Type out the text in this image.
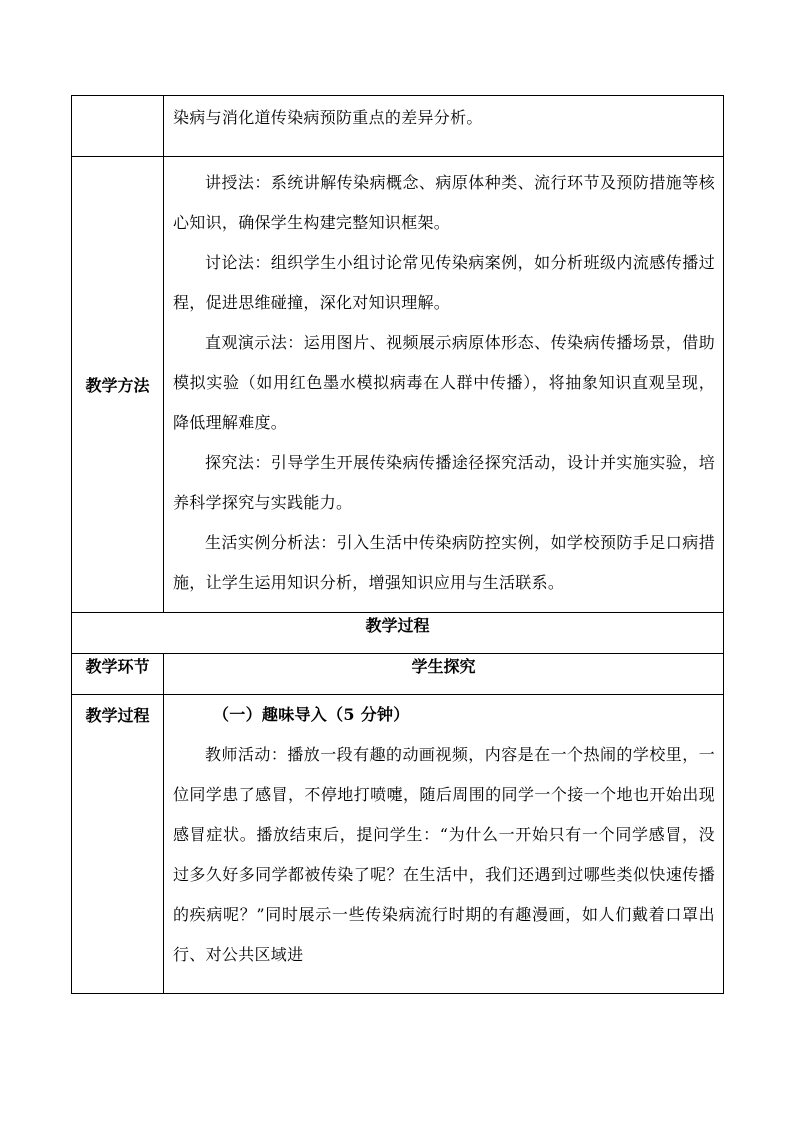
	染病与消化道传染病预防重点的差异分析。

教学方法	讲授法：系统讲解传染病概念、病原体种类、流行环节及预防措施等核心知识，确保学生构建完整知识框架。

讨论法：组织学生小组讨论常见传染病案例，如分析班级内流感传播过程，促进思维碰撞，深化对知识理解。

直观演示法：运用图片、视频展示病原体形态、传染病传播场景，借助模拟实验（如用红色墨水模拟病毒在人群中传播），将抽象知识直观呈现，降低理解难度。

探究法：引导学生开展传染病传播途径探究活动，设计并实施实验，培养科学探究与实践能力。

生活实例分析法：引入生活中传染病防控实例，如学校预防手足口病措施，让学生运用知识分析，增强知识应用与生活联系。

教学过程	
教学环节	学生探究
教学过程	（一）趣味导入（5 分钟）

教师活动：播放一段有趣的动画视频，内容是在一个热闹的学校里，一位同学患了感冒，不停地打喷嚏，随后周围的同学一个接一个地也开始出现感冒症状。播放结束后，提问学生：“为什么一开始只有一个同学感冒，没过多久好多同学都被传染了呢？在生活中，我们还遇到过哪些类似快速传播的疾病呢？”同时展示一些传染病流行时期的有趣漫画，如人们戴着口罩出行、对公共区域进
